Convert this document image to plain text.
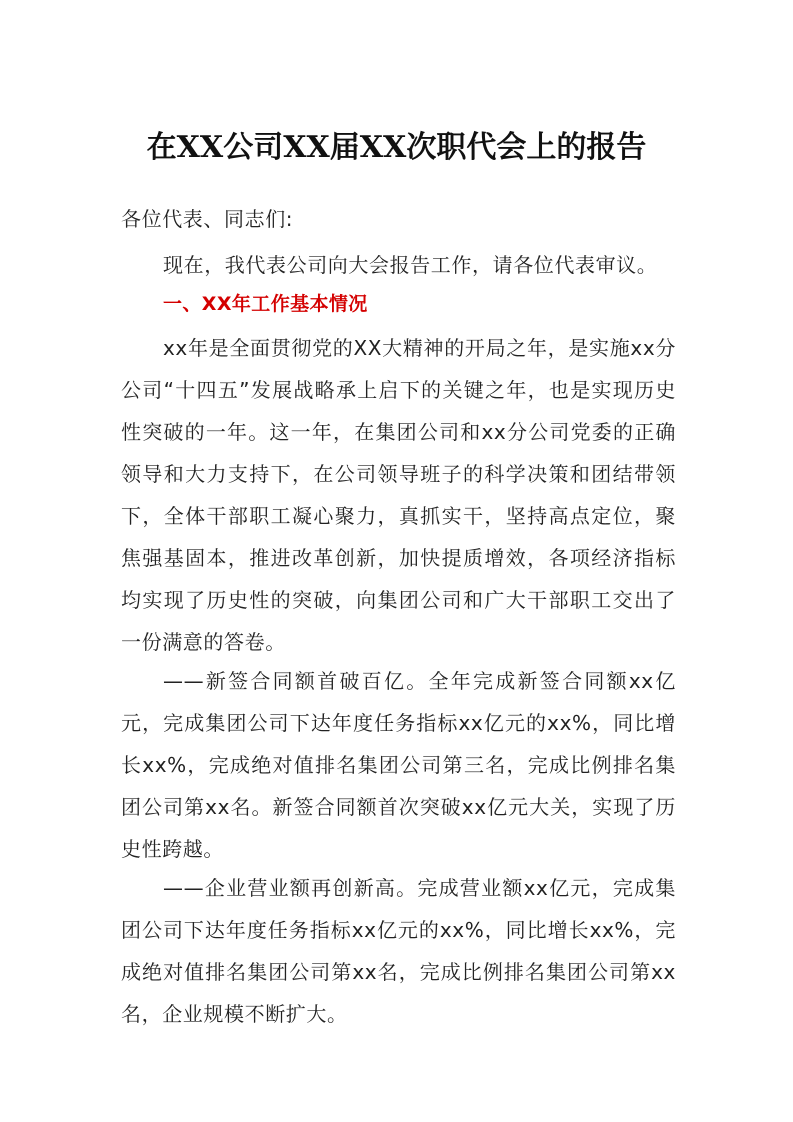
在XX公司XX届XX次职代会上的报告
各位代表、同志们:
现在，我代表公司向大会报告工作，请各位代表审议。
一、XX年工作基本情况
xx年是全面贯彻党的XX大精神的开局之年，是实施xx分公司“十四五”发展战略承上启下的关键之年，也是实现历史性突破的一年。这一年，在集团公司和xx分公司党委的正确领导和大力支持下，在公司领导班子的科学决策和团结带领下，全体干部职工凝心聚力，真抓实干，坚持高点定位，聚焦强基固本，推进改革创新，加快提质增效，各项经济指标均实现了历史性的突破，向集团公司和广大干部职工交出了一份满意的答卷。
——新签合同额首破百亿。全年完成新签合同额xx亿元，完成集团公司下达年度任务指标xx亿元的xx%，同比增长xx%，完成绝对值排名集团公司第三名，完成比例排名集团公司第xx名。新签合同额首次突破xx亿元大关，实现了历史性跨越。
——企业营业额再创新高。完成营业额xx亿元，完成集团公司下达年度任务指标xx亿元的xx%，同比增长xx%，完成绝对值排名集团公司第xx名，完成比例排名集团公司第xx名，企业规模不断扩大。
